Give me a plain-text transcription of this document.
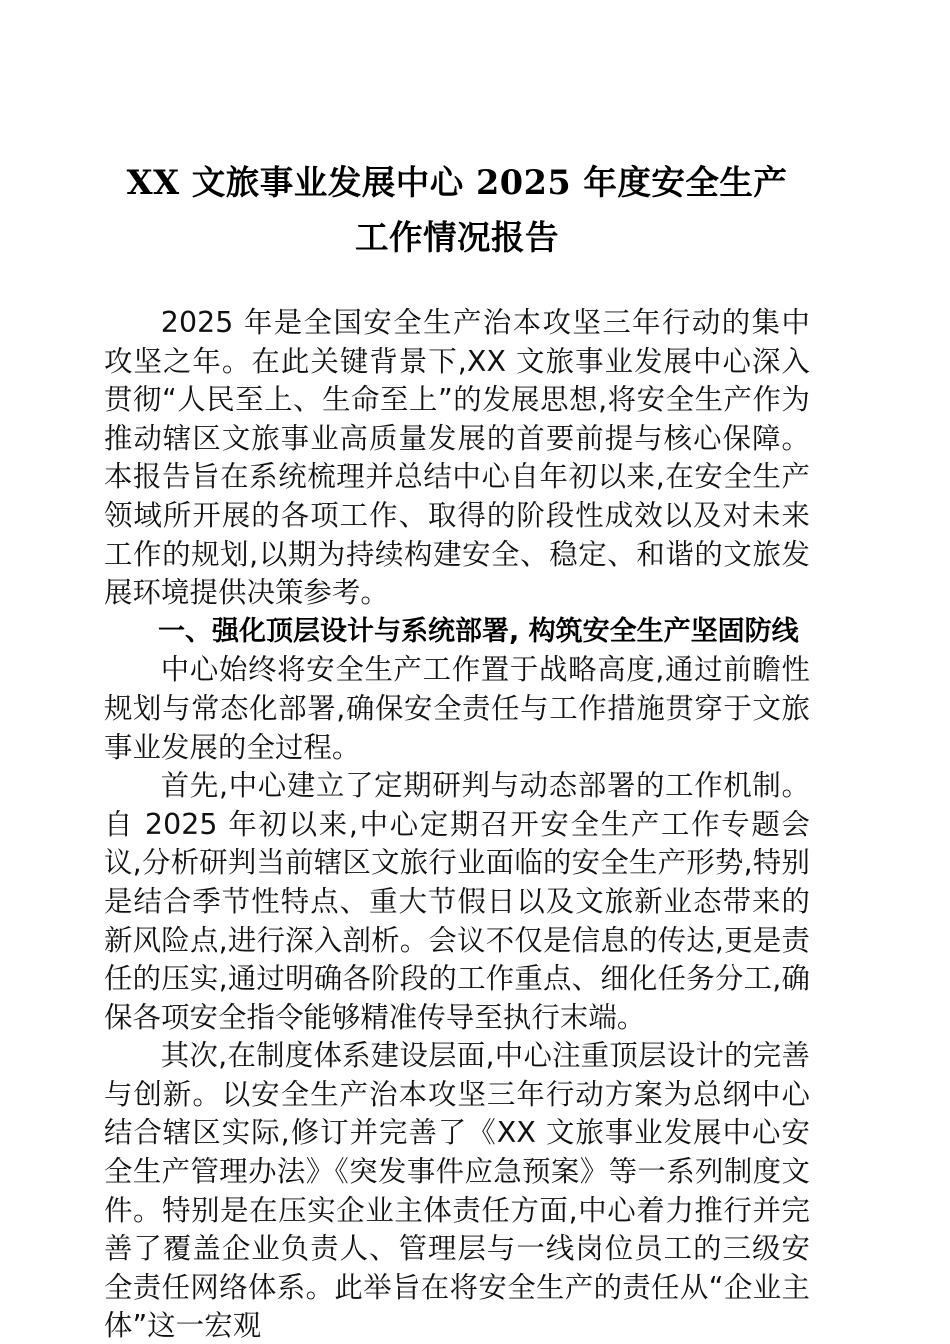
XX 文旅事业发展中心 2025 年度安全生产
工作情况报告

2025 年是全国安全生产治本攻坚三年行动的集中攻坚之年。在此关键背景下,XX 文旅事业发展中心深入贯彻“人民至上、生命至上”的发展思想,将安全生产作为推动辖区文旅事业高质量发展的首要前提与核心保障。本报告旨在系统梳理并总结中心自年初以来,在安全生产领域所开展的各项工作、取得的阶段性成效以及对未来工作的规划,以期为持续构建安全、稳定、和谐的文旅发展环境提供决策参考。

一、强化顶层设计与系统部署, 构筑安全生产坚固防线

中心始终将安全生产工作置于战略高度,通过前瞻性规划与常态化部署,确保安全责任与工作措施贯穿于文旅事业发展的全过程。

首先,中心建立了定期研判与动态部署的工作机制。自 2025 年初以来,中心定期召开安全生产工作专题会议,分析研判当前辖区文旅行业面临的安全生产形势,特别是结合季节性特点、重大节假日以及文旅新业态带来的新风险点,进行深入剖析。会议不仅是信息的传达,更是责任的压实,通过明确各阶段的工作重点、细化任务分工,确保各项安全指令能够精准传导至执行末端。

其次,在制度体系建设层面,中心注重顶层设计的完善与创新。以安全生产治本攻坚三年行动方案为总纲中心结合辖区实际,修订并完善了《XX 文旅事业发展中心安全生产管理办法》《突发事件应急预案》等一系列制度文件。特别是在压实企业主体责任方面,中心着力推行并完善了覆盖企业负责人、管理层与一线岗位员工的三级安全责任网络体系。此举旨在将安全生产的责任从“企业主体”这一宏观
